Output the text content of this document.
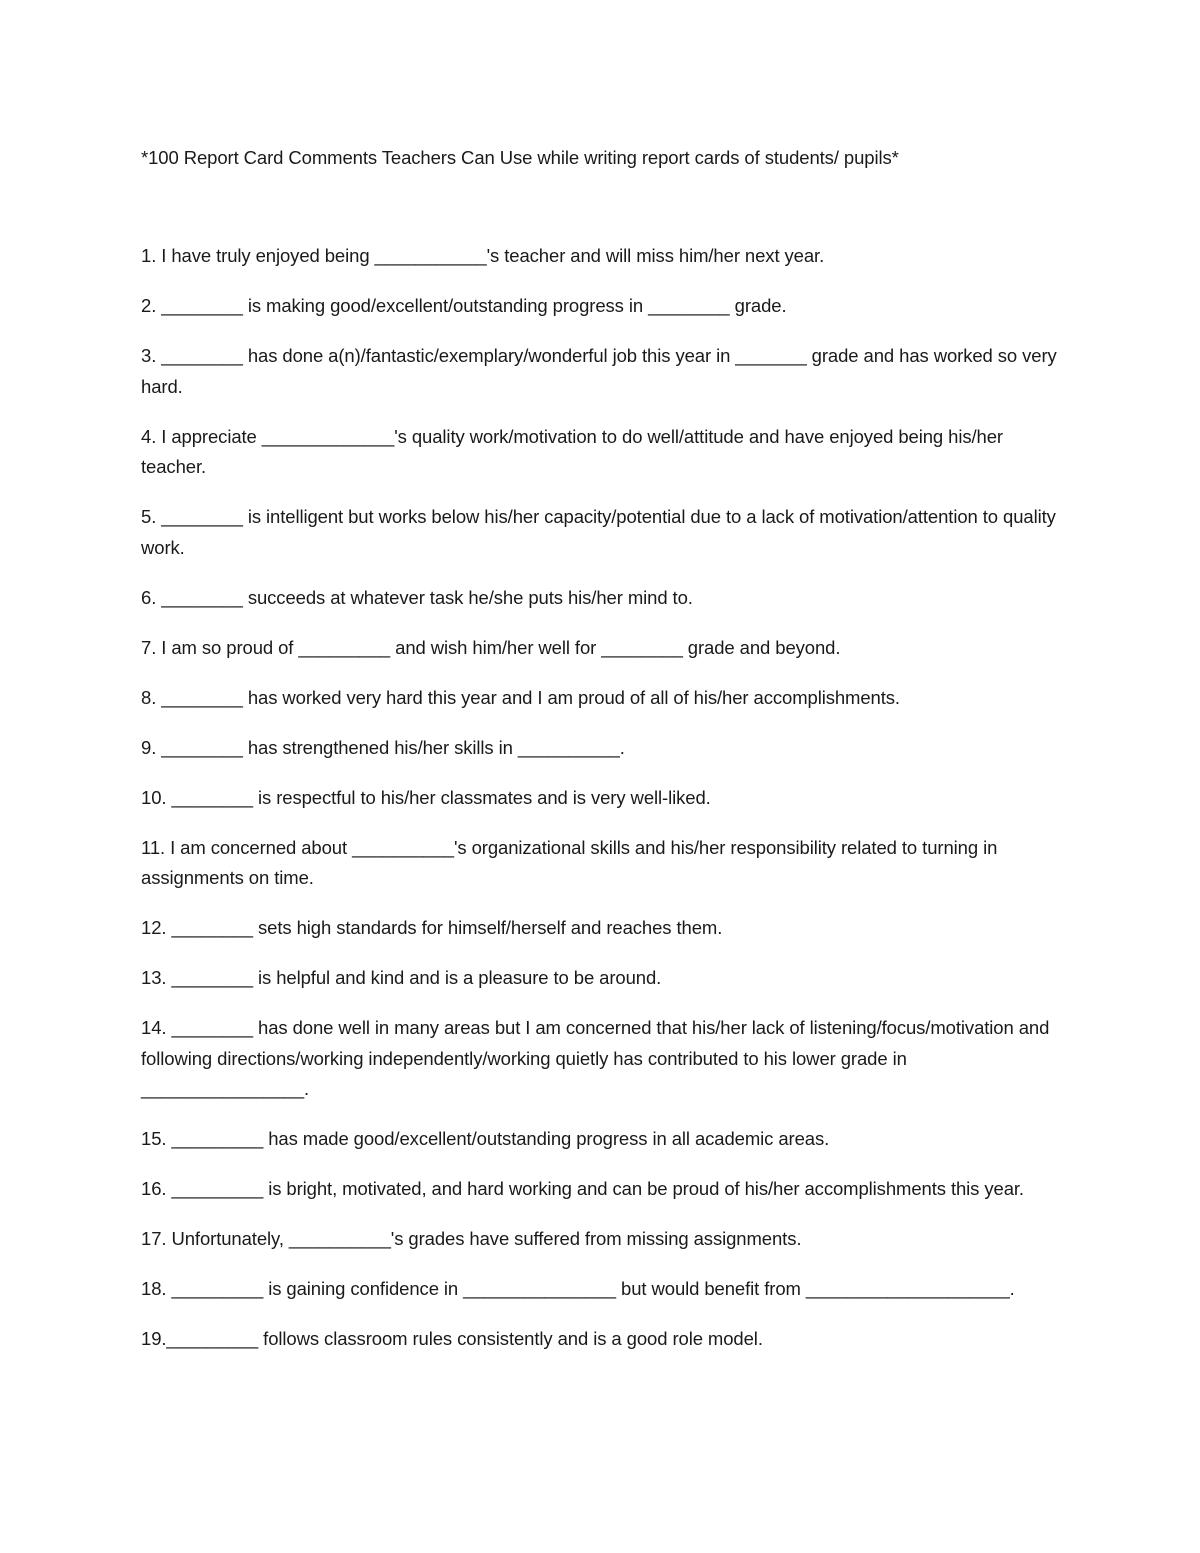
*100 Report Card Comments Teachers Can Use while writing report cards of students/ pupils*
1. I have truly enjoyed being ___________'s teacher and will miss him/her next year.
2. ________ is making good/excellent/outstanding progress in ________ grade.
3. ________ has done a(n)/fantastic/exemplary/wonderful job this year in _______ grade and has worked so very hard.
4. I appreciate _____________'s quality work/motivation to do well/attitude and have enjoyed being his/her teacher.
5. ________ is intelligent but works below his/her capacity/potential due to a lack of motivation/attention to quality work.
6. ________ succeeds at whatever task he/she puts his/her mind to.
7. I am so proud of _________ and wish him/her well for ________ grade and beyond.
8. ________ has worked very hard this year and I am proud of all of his/her accomplishments.
9. ________ has strengthened his/her skills in __________.
10. ________ is respectful to his/her classmates and is very well-liked.
11. I am concerned about __________'s organizational skills and his/her responsibility related to turning in assignments on time.
12. ________ sets high standards for himself/herself and reaches them.
13. ________ is helpful and kind and is a pleasure to be around.
14. ________ has done well in many areas but I am concerned that his/her lack of listening/focus/motivation and following directions/working independently/working quietly has contributed to his lower grade in ________________.
15. _________ has made good/excellent/outstanding progress in all academic areas.
16. _________ is bright, motivated, and hard working and can be proud of his/her accomplishments this year.
17. Unfortunately, __________'s grades have suffered from missing assignments.
18. _________ is gaining confidence in _______________ but would benefit from ____________________.
19._________ follows classroom rules consistently and is a good role model.
